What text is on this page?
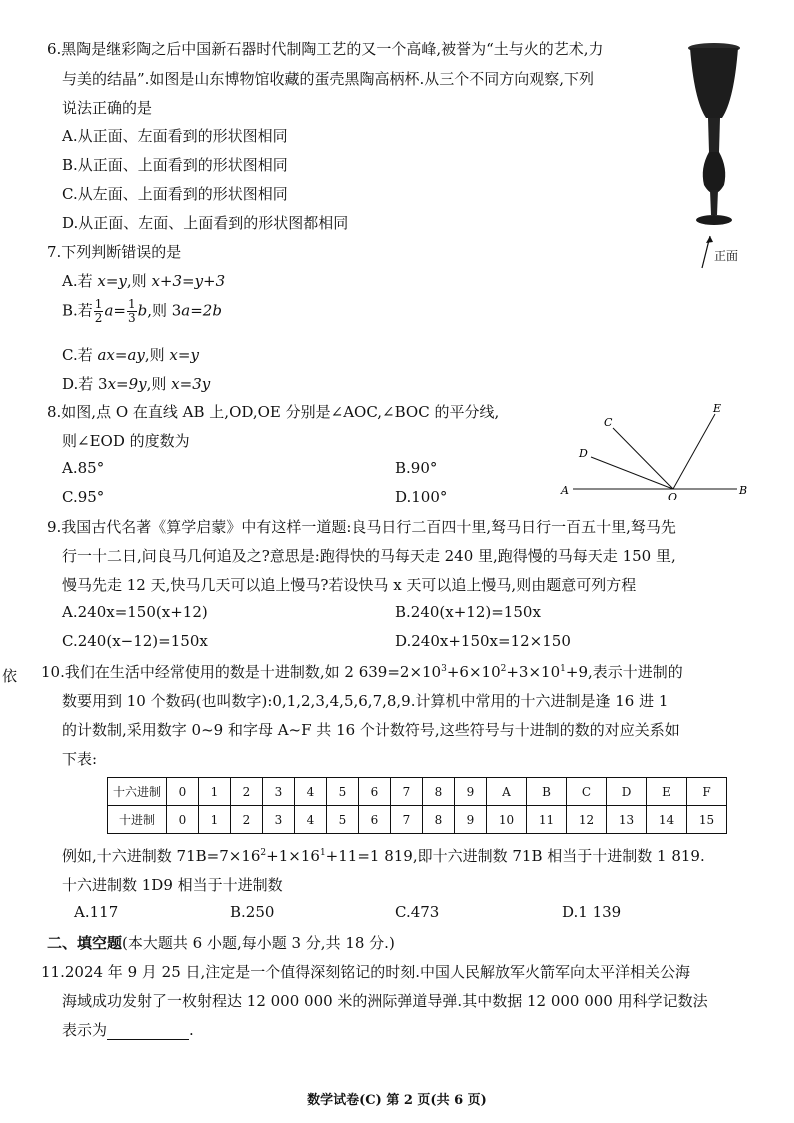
6.黑陶是继彩陶之后中国新石器时代制陶工艺的又一个高峰,被誉为“土与火的艺术,力
与美的结晶”.如图是山东博物馆收藏的蛋壳黑陶高柄杯.从三个不同方向观察,下列
说法正确的是
A.从正面、左面看到的形状图相同
B.从正面、上面看到的形状图相同
C.从左面、上面看到的形状图相同
D.从正面、左面、上面看到的形状图都相同
正面
7.下列判断错误的是
A.若 x=y,则 x+3=y+3
B.若 $\frac{1}{2} a= \frac{1}{3} b$,则 3a=2b
C.若 ax=ay,则 x=y
D.若 3x=9y,则 x=3y
8.如图,点 O 在直线 AB 上,OD,OE 分别是∠AOC,∠BOC 的平分线,
则∠EOD 的度数为
A.85°	B.90°
C.95°	D.100°	A	B
O
C
D
E
9.我国古代名著《算学启蒙》中有这样一道题:良马日行二百四十里,驽马日行一百五十里,驽马先
行一十二日,问良马几何追及之?意思是:跑得快的马每天走 240 里,跑得慢的马每天走 150 里,
慢马先走 12 天,快马几天可以追上慢马?若设快马 x 天可以追上慢马,则由题意可列方程
A.240x=150(x+12)	B.240(x+12)=150x
C.240(x−12)=150x	D.240x+150x=12×150
依 10.我们在生活中经常使用的数是十进制数,如 2 $639=2\times 10^3+6\times 10^2+3\times 10^1+9$,表示十进制的
数要用到 10 个数码(也叫数字):0,1,2,3,4,5,6,7,8,9.计算机中常用的十六进制是逢 16 进 1
的计数制,采用数字 0~9 和字母 A~F 共 16 个计数符号,这些符号与十进制的数的对应关系如
下表:
十六进制	0	1	2	3	4	5	6	7	8	9	A	B	C	D	E	F
十进制	0	1	2	3	4	5	6	7	8	9	10	11	12	13	14	15
例如,十六进制数 $71B=7\times 16^2+1\times 16^1+11=1$ 819,即十六进制数 71B 相当于十进制数 1 819.
十六进制数 1D9 相当于十进制数
A.117	B.250	C.473	D.1 139
二、填空题(本大题共 6 小题,每小题 3 分,共 18 分.)
11.2024 年 9 月 25 日,注定是一个值得深刻铭记的时刻.中国人民解放军火箭军向太平洋相关公海
海域成功发射了一枚射程达 12 000 000 米的洲际弹道导弹.其中数据 12 000 000 用科学记数法
表示为	.
数学试卷(C) 第 2 页(共 6 页)
